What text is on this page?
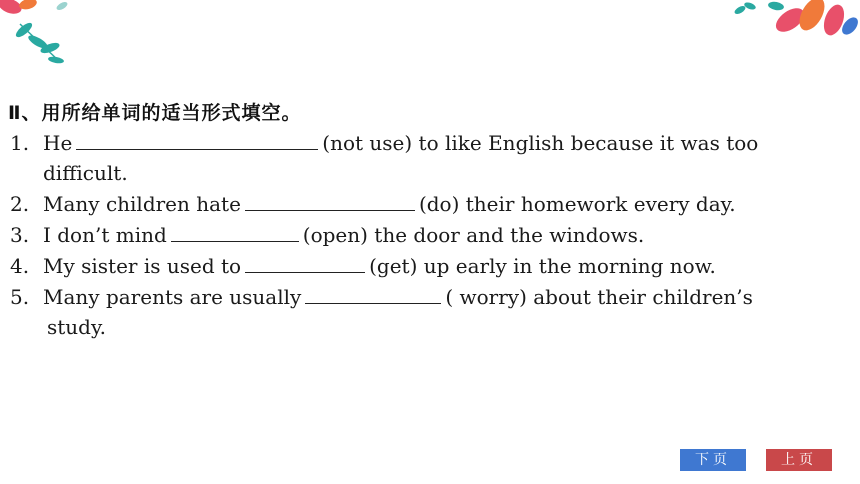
Ⅱ、用所给单词的适当形式填空。
1. He	(not use) to like English because it was too
difficult.
2. Many children hate	(do) their homework every day.
3. I don’t mind	(open) the door and the windows.
4. My sister is used to	(get) up early in the morning now.
5. Many parents are usually	( worry) about their children’s
study.
下页	上页
